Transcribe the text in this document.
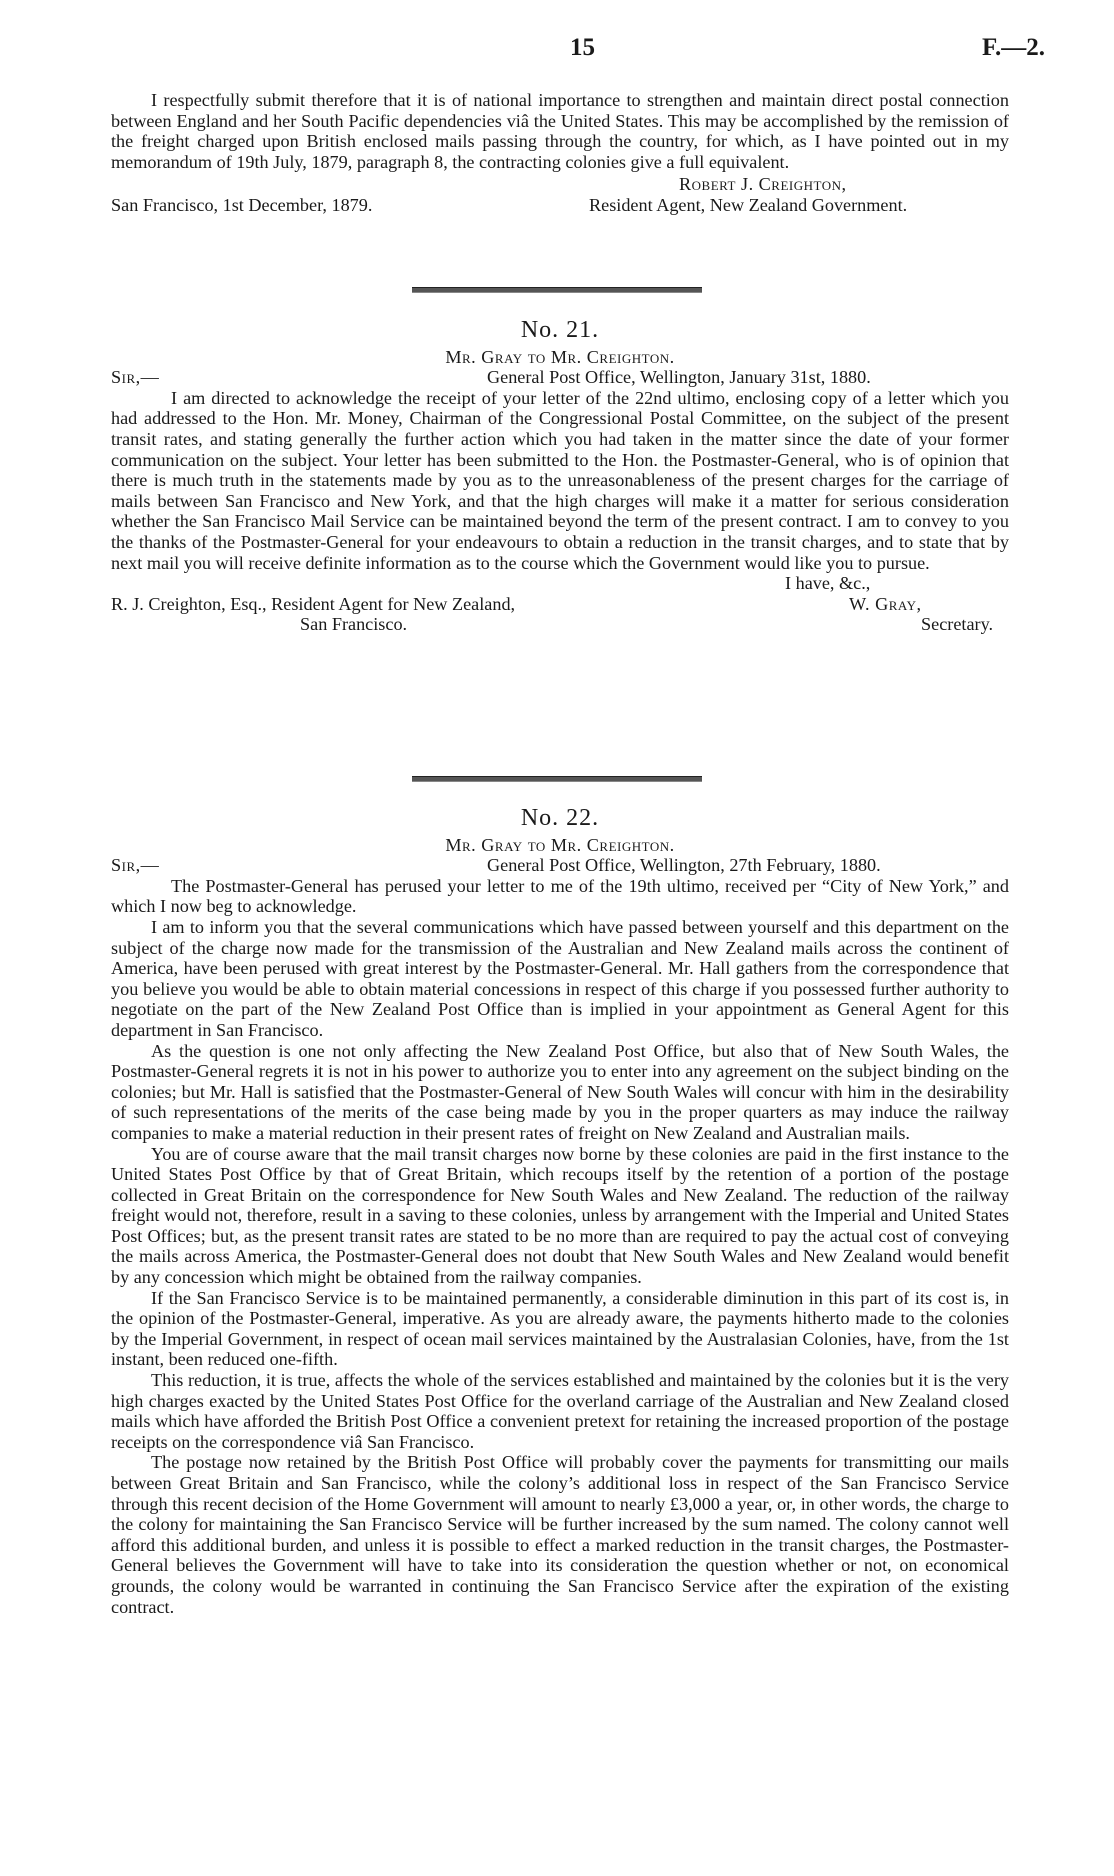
15	F.—2.

I respectfully submit therefore that it is of national importance to strengthen and maintain direct postal connection between England and her South Pacific dependencies viâ the United States. This may be accomplished by the remission of the freight charged upon British enclosed mails passing through the country, for which, as I have pointed out in my memorandum of 19th July, 1879, paragraph 8, the contracting colonies give a full equivalent.

Robert J. Creighton,
San Francisco, 1st December, 1879.	Resident Agent, New Zealand Government.
No. 21.
Mr. Gray to Mr. Creighton.
Sir,—	General Post Office, Wellington, January 31st, 1880.

I am directed to acknowledge the receipt of your letter of the 22nd ultimo, enclosing copy of a letter which you had addressed to the Hon. Mr. Money, Chairman of the Congressional Postal Committee, on the subject of the present transit rates, and stating generally the further action which you had taken in the matter since the date of your former communication on the subject. Your letter has been submitted to the Hon. the Postmaster-General, who is of opinion that there is much truth in the statements made by you as to the unreasonableness of the present charges for the carriage of mails between San Francisco and New York, and that the high charges will make it a matter for serious consideration whether the San Francisco Mail Service can be maintained beyond the term of the present contract. I am to convey to you the thanks of the Postmaster-General for your endeavours to obtain a reduction in the transit charges, and to state that by next mail you will receive definite information as to the course which the Government would like you to pursue.

I have, &c.,
R. J. Creighton, Esq., Resident Agent for New Zealand,	W. Gray,
San Francisco.	Secretary.
No. 22.
Mr. Gray to Mr. Creighton.
Sir,—	General Post Office, Wellington, 27th February, 1880.

The Postmaster-General has perused your letter to me of the 19th ultimo, received per “City of New York,” and which I now beg to acknowledge.

I am to inform you that the several communications which have passed between yourself and this department on the subject of the charge now made for the transmission of the Australian and New Zealand mails across the continent of America, have been perused with great interest by the Postmaster-General. Mr. Hall gathers from the correspondence that you believe you would be able to obtain material concessions in respect of this charge if you possessed further authority to negotiate on the part of the New Zealand Post Office than is implied in your appointment as General Agent for this department in San Francisco.

As the question is one not only affecting the New Zealand Post Office, but also that of New South Wales, the Postmaster-General regrets it is not in his power to authorize you to enter into any agreement on the subject binding on the colonies; but Mr. Hall is satisfied that the Postmaster-General of New South Wales will concur with him in the desirability of such representations of the merits of the case being made by you in the proper quarters as may induce the railway companies to make a material reduction in their present rates of freight on New Zealand and Australian mails.

You are of course aware that the mail transit charges now borne by these colonies are paid in the first instance to the United States Post Office by that of Great Britain, which recoups itself by the retention of a portion of the postage collected in Great Britain on the correspondence for New South Wales and New Zealand. The reduction of the railway freight would not, therefore, result in a saving to these colonies, unless by arrangement with the Imperial and United States Post Offices; but, as the present transit rates are stated to be no more than are required to pay the actual cost of conveying the mails across America, the Postmaster-General does not doubt that New South Wales and New Zealand would benefit by any concession which might be obtained from the railway companies.

If the San Francisco Service is to be maintained permanently, a considerable diminution in this part of its cost is, in the opinion of the Postmaster-General, imperative. As you are already aware, the payments hitherto made to the colonies by the Imperial Government, in respect of ocean mail services maintained by the Australasian Colonies, have, from the 1st instant, been reduced one-fifth.

This reduction, it is true, affects the whole of the services established and maintained by the colonies but it is the very high charges exacted by the United States Post Office for the overland carriage of the Australian and New Zealand closed mails which have afforded the British Post Office a convenient pretext for retaining the increased proportion of the postage receipts on the correspondence viâ San Francisco.

The postage now retained by the British Post Office will probably cover the payments for transmitting our mails between Great Britain and San Francisco, while the colony’s additional loss in respect of the San Francisco Service through this recent decision of the Home Government will amount to nearly £3,000 a year, or, in other words, the charge to the colony for maintaining the San Francisco Service will be further increased by the sum named. The colony cannot well afford this additional burden, and unless it is possible to effect a marked reduction in the transit charges, the Postmaster-General believes the Government will have to take into its consideration the question whether or not, on economical grounds, the colony would be warranted in continuing the San Francisco Service after the expiration of the existing contract.
